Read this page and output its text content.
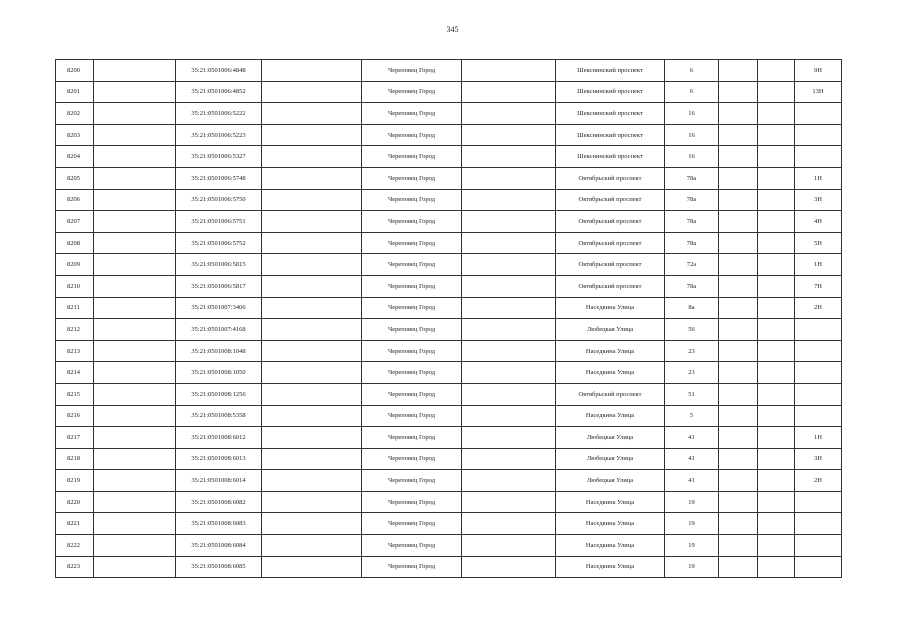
345
8200		35:21:0501006:4848		Череповец Город		Шекснинский проспект	6			9Н
8201		35:21:0501006:4852		Череповец Город		Шекснинский проспект	6			13Н
8202		35:21:0501006:5222		Череповец Город		Шекснинский проспект	16			
8203		35:21:0501006:5223		Череповец Город		Шекснинский проспект	16			
8204		35:21:0501006:5327		Череповец Город		Шекснинский проспект	16			
8205		35:21:0501006:5748		Череповец Город		Октябрьский проспект	78а			1Н
8206		35:21:0501006:5750		Череповец Город		Октябрьский проспект	78а			3Н
8207		35:21:0501006:5751		Череповец Город		Октябрьский проспект	78а			4Н
8208		35:21:0501006:5752		Череповец Город		Октябрьский проспект	78а			5Н
8209		35:21:0501006:5815		Череповец Город		Октябрьский проспект	72а			1Н
8210		35:21:0501006:5817		Череповец Город		Октябрьский проспект	78а			7Н
8211		35:21:0501007:3406		Череповец Город		Наседкина Улица	8а			2Н
8212		35:21:0501007:4168		Череповец Город		Любецкая Улица	56			
8213		35:21:0501008:1048		Череповец Город		Наседкина Улица	23			
8214		35:21:0501008:1050		Череповец Город		Наседкина Улица	23			
8215		35:21:0501008:1256		Череповец Город		Октябрьский проспект	51			
8216		35:21:0501008:5358		Череповец Город		Наседкина Улица	5			
8217		35:21:0501008:6012		Череповец Город		Любецкая Улица	41			1Н
8218		35:21:0501008:6013		Череповец Город		Любецкая Улица	41			3Н
8219		35:21:0501008:6014		Череповец Город		Любецкая Улица	41			2Н
8220		35:21:0501008:6082		Череповец Город		Наседкина Улица	19			
8221		35:21:0501008:6083		Череповец Город		Наседкина Улица	19			
8222		35:21:0501008:6084		Череповец Город		Наседкина Улица	19			
8223		35:21:0501008:6085		Череповец Город		Наседкина Улица	19			
